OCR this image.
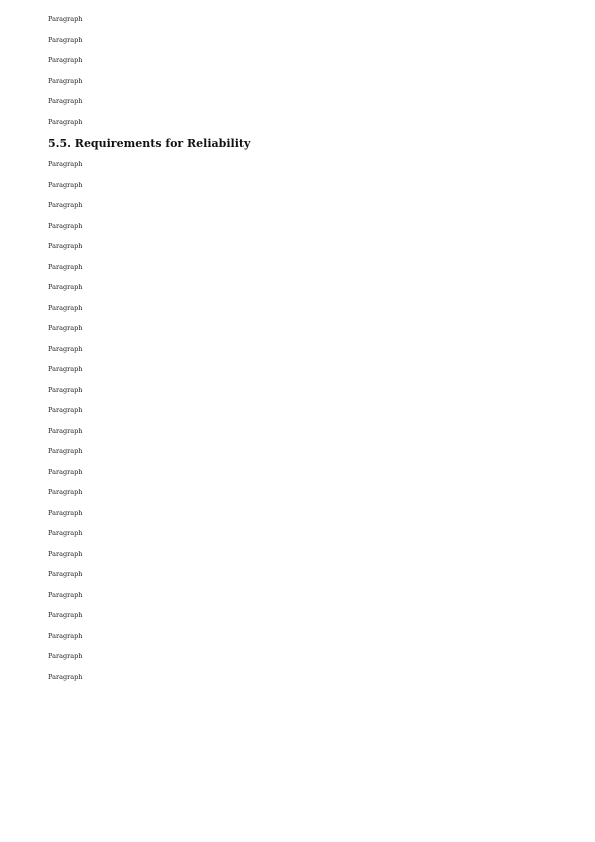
Paragraph

Paragraph

Paragraph

Paragraph

Paragraph

Paragraph

5.5. Requirements for Reliability

Paragraph

Paragraph

Paragraph

Paragraph

Paragraph

Paragraph

Paragraph

Paragraph

Paragraph

Paragraph

Paragraph

Paragraph

Paragraph

Paragraph

Paragraph

Paragraph

Paragraph

Paragraph

Paragraph

Paragraph

Paragraph

Paragraph

Paragraph

Paragraph

Paragraph

Paragraph
